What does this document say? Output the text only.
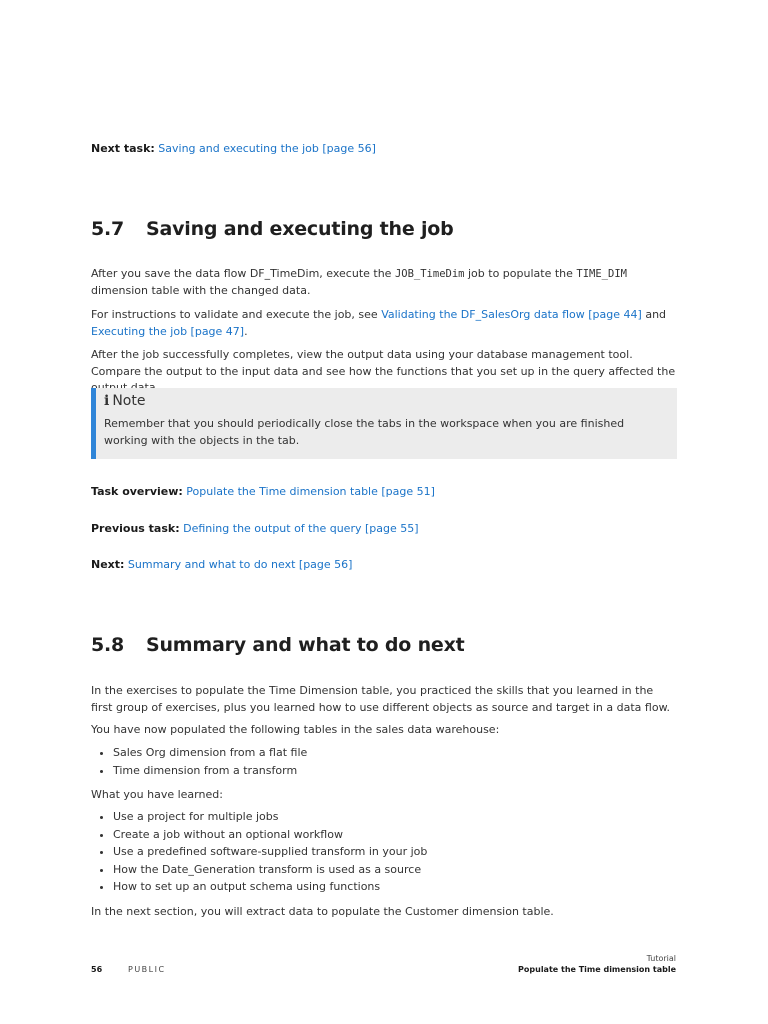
Next task: Saving and executing the job [page 56]

5.7 Saving and executing the job

After you save the data flow DF_TimeDim, execute the JOB_TimeDim job to populate the TIME_DIM dimension table with the changed data.

For instructions to validate and execute the job, see Validating the DF_SalesOrg data flow [page 44] and Executing the job [page 47].

After the job successfully completes, view the output data using your database management tool. Compare the output to the input data and see how the functions that you set up in the query affected the

i Note

Remember that you should periodically close the tabs in the workspace when you are finished working with the objects in the tab.

Task overview: Populate the Time dimension table [page 51]

Previous task: Defining the output of the query [page 55]

Next: Summary and what to do next [page 56]

5.8 Summary and what to do next

In the exercises to populate the Time Dimension table, you practiced the skills that you learned in the first group of exercises, plus you learned how to use different objects as source and target in a data flow.

You have now populated the following tables in the sales data warehouse:

• Sales Org dimension from a flat file
• Time dimension from a transform

What you have learned:

• Use a project for multiple jobs
• Create a job without an optional workflow
• Use a predefined software-supplied transform in your job
• How the Date_Generation transform is used as a source
• How to set up an output schema using functions

In the next section, you will extract data to populate the Customer dimension table.

56	PUBLIC
Tutorial
Populate the Time dimension table
